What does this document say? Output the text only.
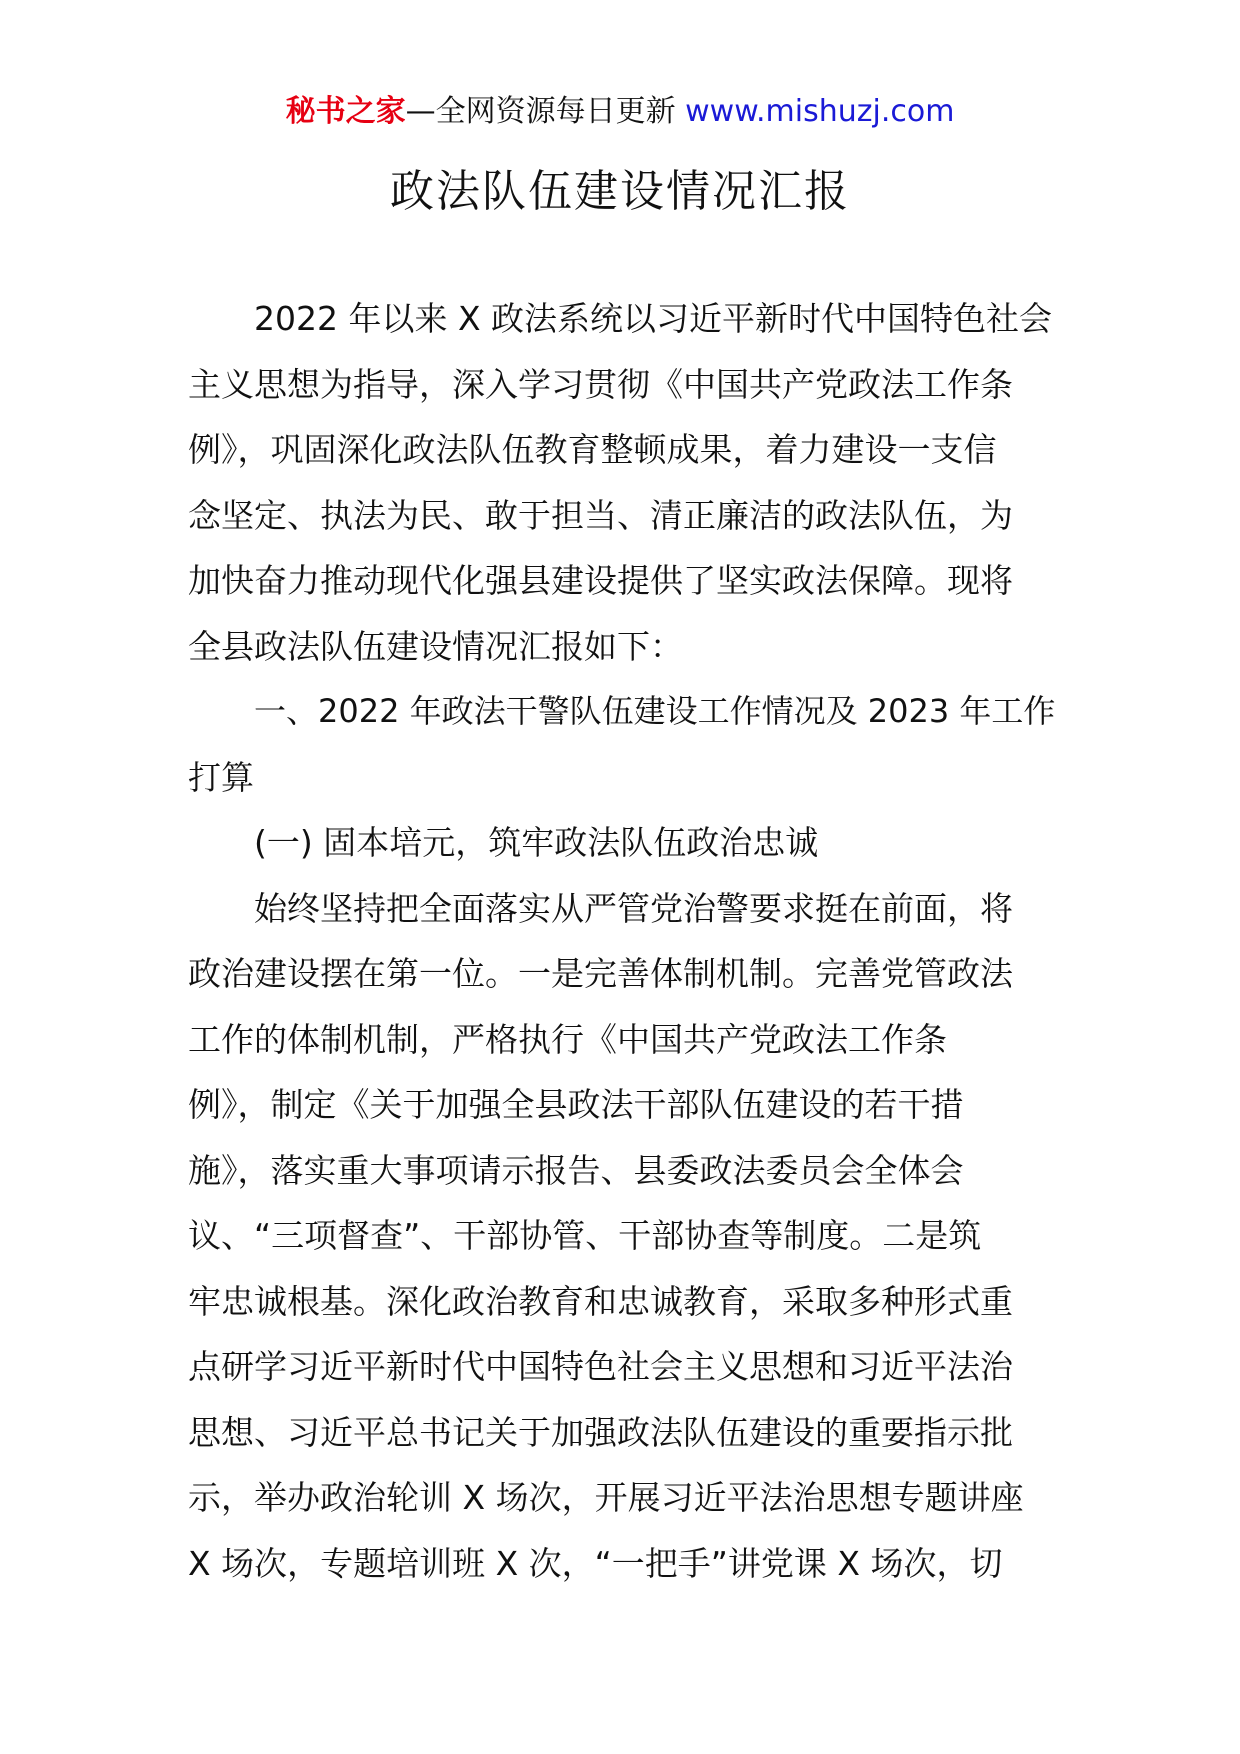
秘书之家—全网资源每日更新 www.mishuzj.com
政法队伍建设情况汇报
2022 年以来 X 政法系统以习近平新时代中国特色社会
主义思想为指导，深入学习贯彻《中国共产党政法工作条
例》，巩固深化政法队伍教育整顿成果，着力建设一支信
念坚定、执法为民、敢于担当、清正廉洁的政法队伍，为
加快奋力推动现代化强县建设提供了坚实政法保障。现将
全县政法队伍建设情况汇报如下：
一、2022 年政法干警队伍建设工作情况及 2023 年工作
打算
(一) 固本培元，筑牢政法队伍政治忠诚
始终坚持把全面落实从严管党治警要求挺在前面，将
政治建设摆在第一位。一是完善体制机制。完善党管政法
工作的体制机制，严格执行《中国共产党政法工作条
例》，制定《关于加强全县政法干部队伍建设的若干措
施》，落实重大事项请示报告、县委政法委员会全体会
议、“三项督查”、干部协管、干部协查等制度。二是筑
牢忠诚根基。深化政治教育和忠诚教育，采取多种形式重
点研学习近平新时代中国特色社会主义思想和习近平法治
思想、习近平总书记关于加强政法队伍建设的重要指示批
示，举办政治轮训 X 场次，开展习近平法治思想专题讲座
X 场次，专题培训班 X 次，“一把手”讲党课 X 场次，切
